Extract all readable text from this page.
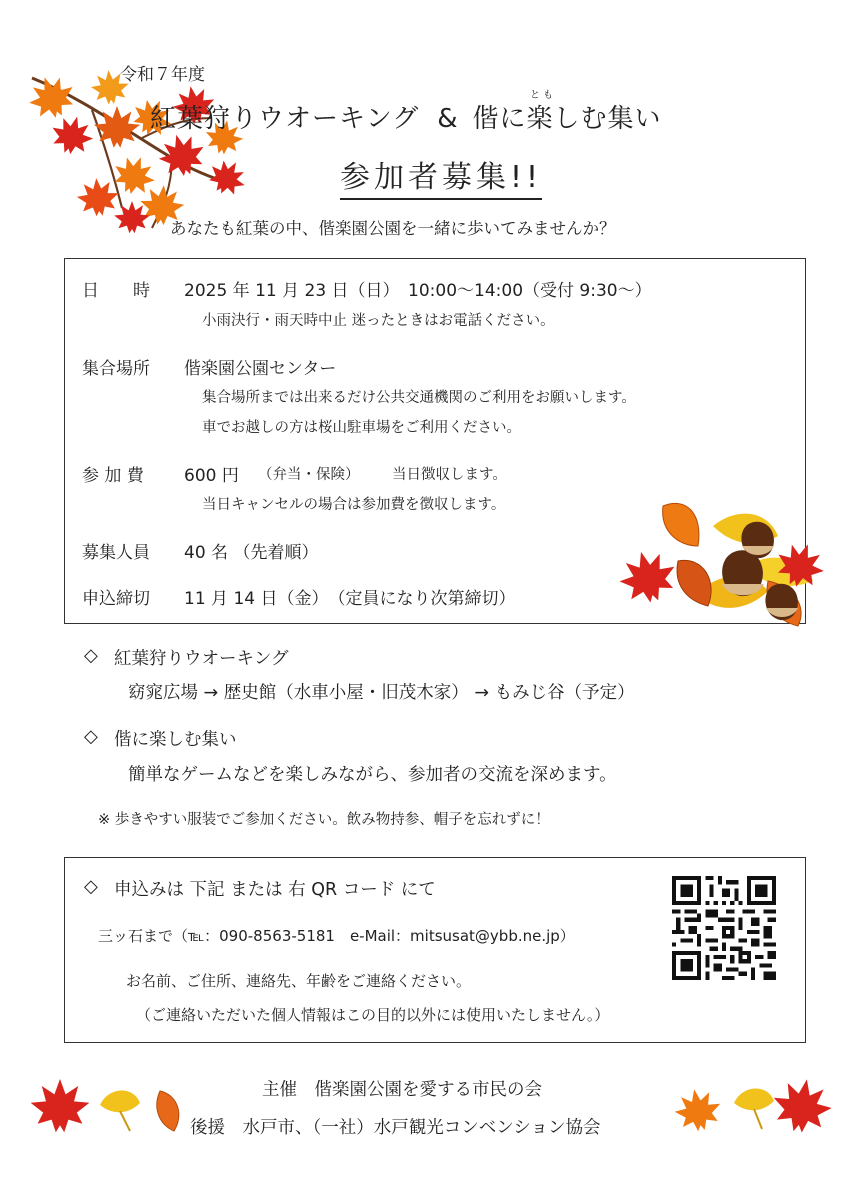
令和７年度
とも
紅葉狩りウオーキング & 偕に楽しむ集い
参加者募集!!
あなたも紅葉の中、偕楽園公園を一緒に歩いてみませんか？
日　　時 2025 年 11 月 23 日（日）　10:00～14:00（受付 9:30～）
小雨決行・雨天時中止 迷ったときはお電話ください。
集合場所 偕楽園公園センター
集合場所までは出来るだけ公共交通機関のご利用をお願いします。
車でお越しの方は桜山駐車場をご利用ください。
参 加 費 600 円 （弁当・保険） 当日徴収します。
当日キャンセルの場合は参加費を徴収します。
募集人員 40 名 （先着順）
申込締切 11 月 14 日（金）　（定員になり次第締切）
◇ 紅葉狩りウオーキング
窈窕広場 → 歴史館（水車小屋・旧茂木家） → もみじ谷（予定）
◇ 偕に楽しむ集い
簡単なゲームなどを楽しみながら、参加者の交流を深めます。
※ 歩きやすい服装でご参加ください。飲み物持参、帽子を忘れずに！
◇ 申込みは 下記 または 右 QR コード にて
三ッ石まで（℡：090-8563-5181　e-Mail：mitsusat@ybb.ne.jp）
お名前、ご住所、連絡先、年齢をご連絡ください。
（ご連絡いただいた個人情報はこの目的以外には使用いたしません。）
主催　偕楽園公園を愛する市民の会
後援　水戸市、（一社）水戸観光コンベンション協会
